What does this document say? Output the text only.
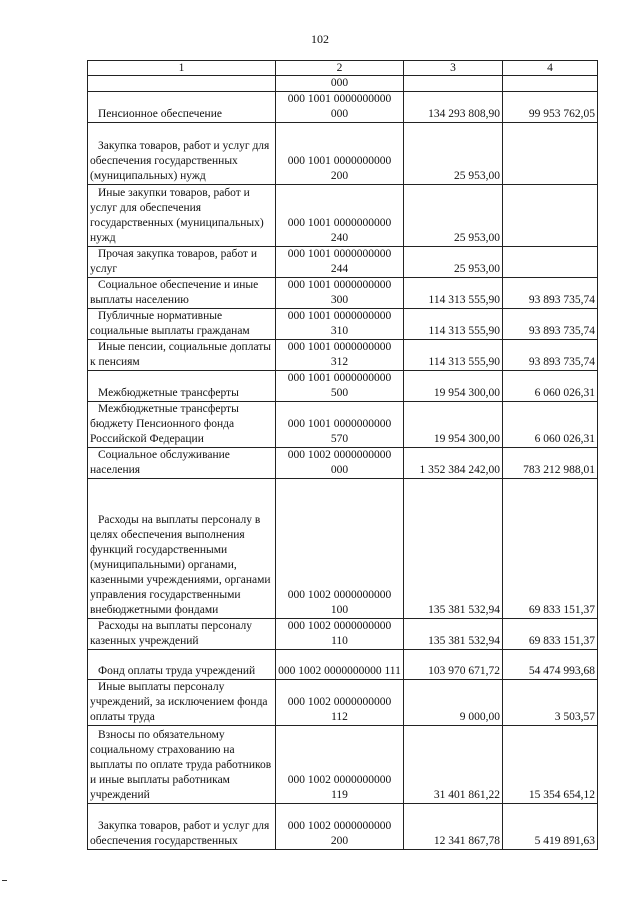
102
1	2	3	4
	000		

Пенсионное обеспечение	000 1001 0000000000 000	134 293 808,90	99 953 762,05

Закупка товаров, работ и услуг для обеспечения государственных (муниципальных) нужд	000 1001 0000000000 200	25 953,00	

Иные закупки товаров, работ и услуг для обеспечения государственных (муниципальных) нужд	000 1001 0000000000 240	25 953,00	

Прочая закупка товаров, работ и услуг	000 1001 0000000000 244	25 953,00	

Социальное обеспечение и иные выплаты населению	000 1001 0000000000 300	114 313 555,90	93 893 735,74

Публичные нормативные социальные выплаты гражданам	000 1001 0000000000 310	114 313 555,90	93 893 735,74

Иные пенсии, социальные доплаты к пенсиям	000 1001 0000000000 312	114 313 555,90	93 893 735,74

Межбюджетные трансферты	000 1001 0000000000 500	19 954 300,00	6 060 026,31

Межбюджетные трансферты бюджету Пенсионного фонда Российской Федерации	000 1001 0000000000 570	19 954 300,00	6 060 026,31

Социальное обслуживание населения	000 1002 0000000000 000	1 352 384 242,00	783 212 988,01

Расходы на выплаты персоналу в целях обеспечения выполнения функций государственными (муниципальными) органами, казенными учреждениями, органами управления государственными внебюджетными фондами	000 1002 0000000000 100	135 381 532,94	69 833 151,37

Расходы на выплаты персоналу казенных учреждений	000 1002 0000000000 110	135 381 532,94	69 833 151,37

Фонд оплаты труда учреждений	000 1002 0000000000 111	103 970 671,72	54 474 993,68

Иные выплаты персоналу учреждений, за исключением фонда оплаты труда	000 1002 0000000000 112	9 000,00	3 503,57

Взносы по обязательному социальному страхованию на выплаты по оплате труда работников и иные выплаты работникам учреждений	000 1002 0000000000 119	31 401 861,22	15 354 654,12

Закупка товаров, работ и услуг для обеспечения государственных	000 1002 0000000000 200	12 341 867,78	5 419 891,63
